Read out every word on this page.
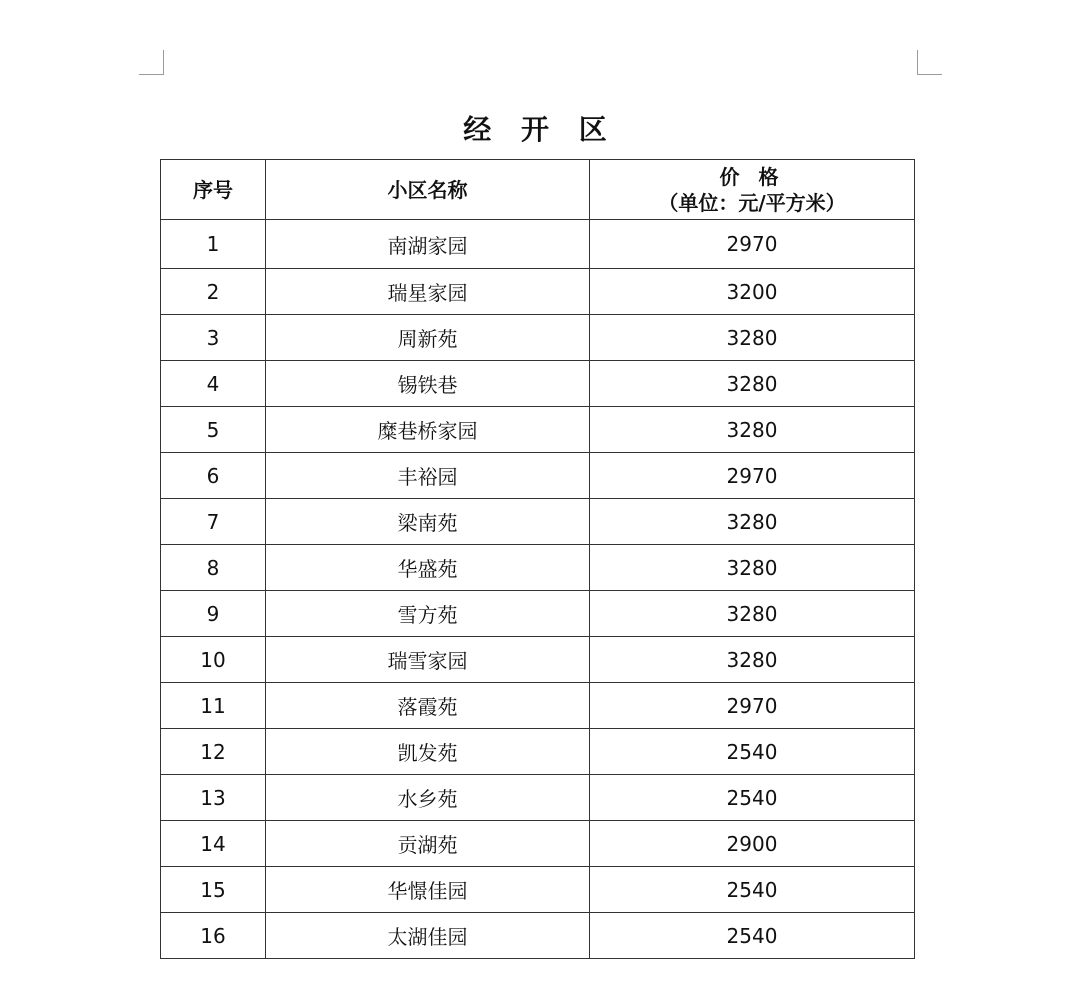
经 开 区
序号	小区名称	价 格
（单位：元/平方米）

1	南湖家园	2970
2	瑞星家园	3200
3	周新苑	3280
4	锡铁巷	3280
5	糜巷桥家园	3280
6	丰裕园	2970
7	梁南苑	3280
8	华盛苑	3280
9	雪方苑	3280
10	瑞雪家园	3280
11	落霞苑	2970
12	凯发苑	2540
13	水乡苑	2540
14	贡湖苑	2900
15	华憬佳园	2540
16	太湖佳园	2540
